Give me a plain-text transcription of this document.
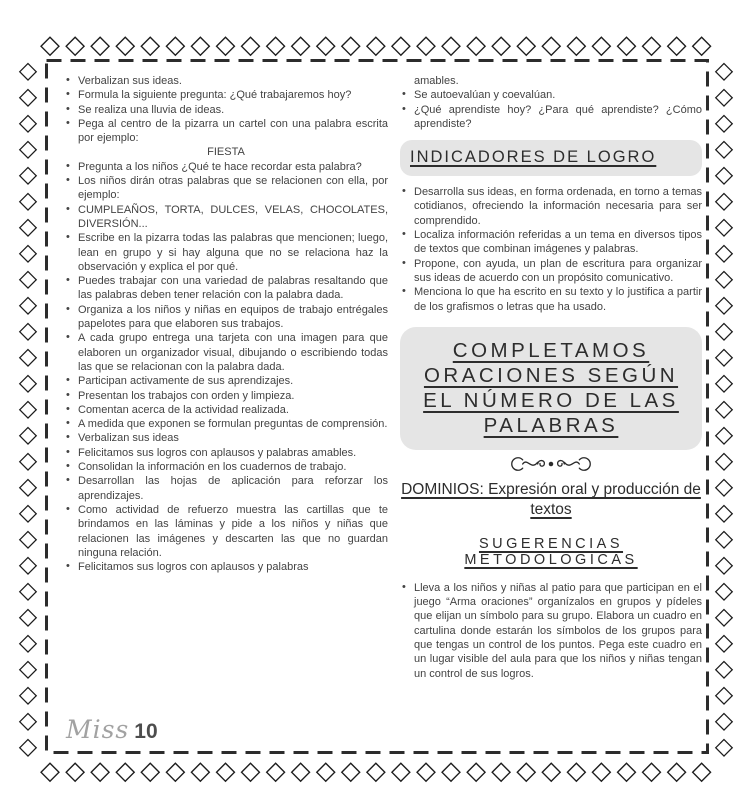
◇ ◇ ◇ ◇ ◇ ◇ ◇ ◇ ◇ ◇ ◇ ◇ ◇ ◇ ◇ ◇ ◇ ◇ ◇ ◇ ◇ ◇ ◇ ◇ ◇ ◇ ◇
◇ ◇ ◇ ◇ ◇ ◇ ◇ ◇ ◇ ◇ ◇ ◇ ◇ ◇ ◇ ◇ ◇ ◇ ◇ ◇ ◇ ◇ ◇ ◇ ◇ ◇ ◇
◇
◇
◇
◇
◇
◇
◇
◇
◇
◇
◇
◇
◇
◇
◇
◇
◇
◇
◇
◇
◇
◇
◇
◇
◇
◇
◇
◇
◇
◇
◇
◇
◇
◇
◇
◇
◇
◇
◇
◇
◇
◇
◇
◇
◇
◇
◇
◇
◇
◇
◇
◇
◇
◇
• Verbalizan sus ideas.
• Formula la siguiente pregunta: ¿Qué trabajaremos hoy?
• Se realiza una lluvia de ideas.
• Pega al centro de la pizarra un cartel con una palabra escrita por ejemplo:
FIESTA
• Pregunta a los niños ¿Qué te hace recordar esta palabra?
• Los niños dirán otras palabras que se relacionen con ella, por ejemplo:
• CUMPLEAÑOS, TORTA, DULCES, VELAS, CHOCOLATES, DIVERSIÓN...
• Escribe en la pizarra todas las palabras que mencionen; luego, lean en grupo y si hay alguna que no se relaciona haz la observación y explica el por qué.
• Puedes trabajar con una variedad de palabras resaltando que las palabras deben tener relación con la palabra dada.
• Organiza a los niños y niñas en equipos de trabajo entrégales papelotes para que elaboren sus trabajos.
• A cada grupo entrega una tarjeta con una imagen para que elaboren un organizador visual, dibujando o escribiendo todas las que se relacionan con la palabra dada.
• Participan activamente de sus aprendizajes.
• Presentan los trabajos con orden y limpieza.
• Comentan acerca de la actividad realizada.
• A medida que exponen se formulan preguntas de comprensión.
• Verbalizan sus ideas
• Felicitamos sus logros con aplausos y palabras amables.
• Consolidan la información en los cuadernos de trabajo.
• Desarrollan las hojas de aplicación para reforzar los aprendizajes.
• Como actividad de refuerzo muestra las cartillas que te brindamos en las láminas y pide a los niños y niñas que relacionen las imágenes y descarten las que no guardan ninguna relación.
• Felicitamos sus logros con aplausos y palabras
amables.
• Se autoevalúan y coevalúan.
• ¿Qué aprendiste hoy? ¿Para qué aprendiste? ¿Cómo aprendiste?
INDICADORES DE LOGRO
• Desarrolla sus ideas, en forma ordenada, en torno a temas cotidianos, ofreciendo la información necesaria para ser comprendido.
• Localiza información referidas a un tema en diversos tipos de textos que combinan imágenes y palabras.
• Propone, con ayuda, un plan de escritura para organizar sus ideas de acuerdo con un propósito comunicativo.
• Menciona lo que ha escrito en su texto y lo justifica a partir de los grafismos o letras que ha usado.
COMPLETAMOS
ORACIONES SEGÚN
EL NÚMERO DE LAS
PALABRAS
DOMINIOS: Expresión oral y producción de textos
SUGERENCIAS METODOLÓGICAS
• Lleva a los niños y niñas al patio para que participan en el juego “Arma oraciones” organízalos en grupos y pídeles que elijan un símbolo para su grupo. Elabora un cuadro en cartulina donde estarán los símbolos de los grupos para que tengas un control de los puntos. Pega este cuadro en un lugar visible del aula para que los niños y niñas tengan un control de sus logros.
Miss 10
